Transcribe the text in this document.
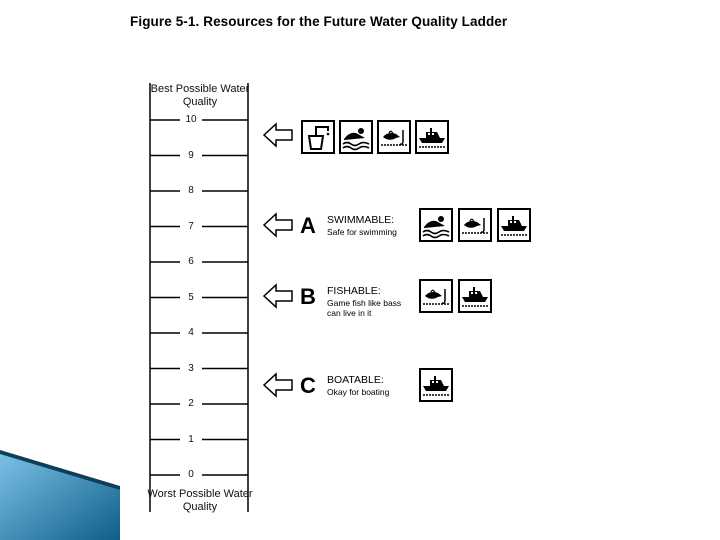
Figure 5-1. Resources for the Future Water Quality Ladder
Best Possible Water Quality
Worst Possible Water Quality
10
9
8
7
6
5
4
3
2
1
0
A SWIMMABLE:
Safe for swimming
B FISHABLE:
Game fish like bass can live in it
C BOATABLE:
Okay for boating
